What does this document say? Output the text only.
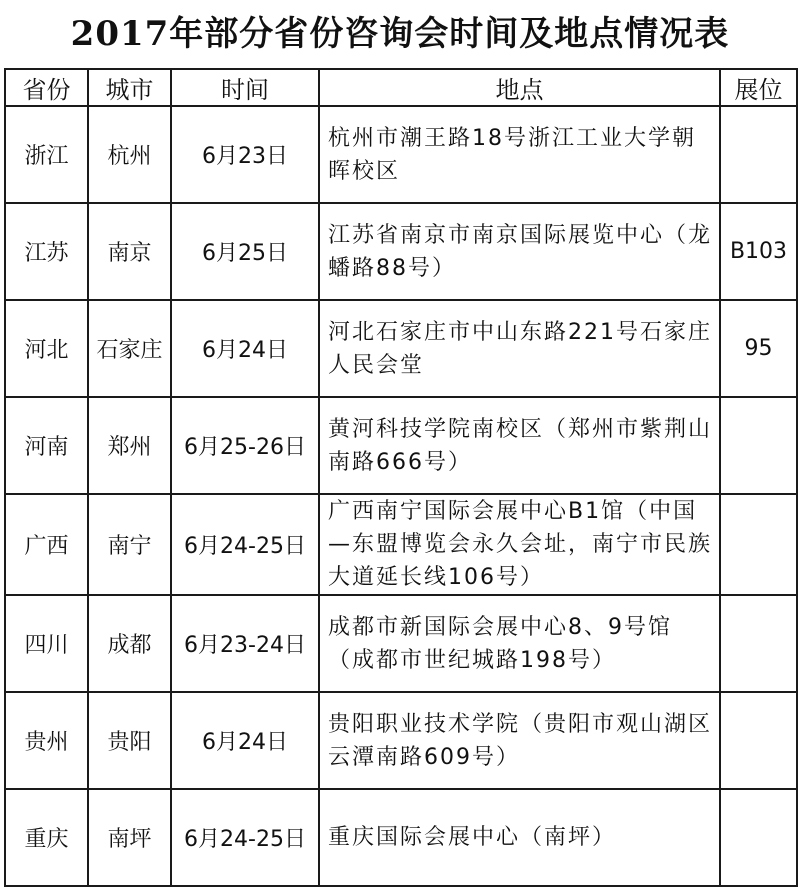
2017年部分省份咨询会时间及地点情况表
省份	城市	时间	地点	展位
浙江	杭州	6月23日	杭州市潮王路18号浙江工业大学朝晖校区	
江苏	南京	6月25日	江苏省南京市南京国际展览中心（龙蟠路88号）	B103
河北	石家庄	6月24日	河北石家庄市中山东路221号石家庄人民会堂	95
河南	郑州	6月25-26日	黄河科技学院南校区（郑州市紫荆山南路666号）	
广西	南宁	6月24-25日	广西南宁国际会展中心B1馆（中国—东盟博览会永久会址，南宁市民族大道延长线106号）	
四川	成都	6月23-24日	成都市新国际会展中心8、9号馆（成都市世纪城路198号）	
贵州	贵阳	6月24日	贵阳职业技术学院（贵阳市观山湖区云潭南路609号）	
重庆	南坪	6月24-25日	重庆国际会展中心（南坪）	
